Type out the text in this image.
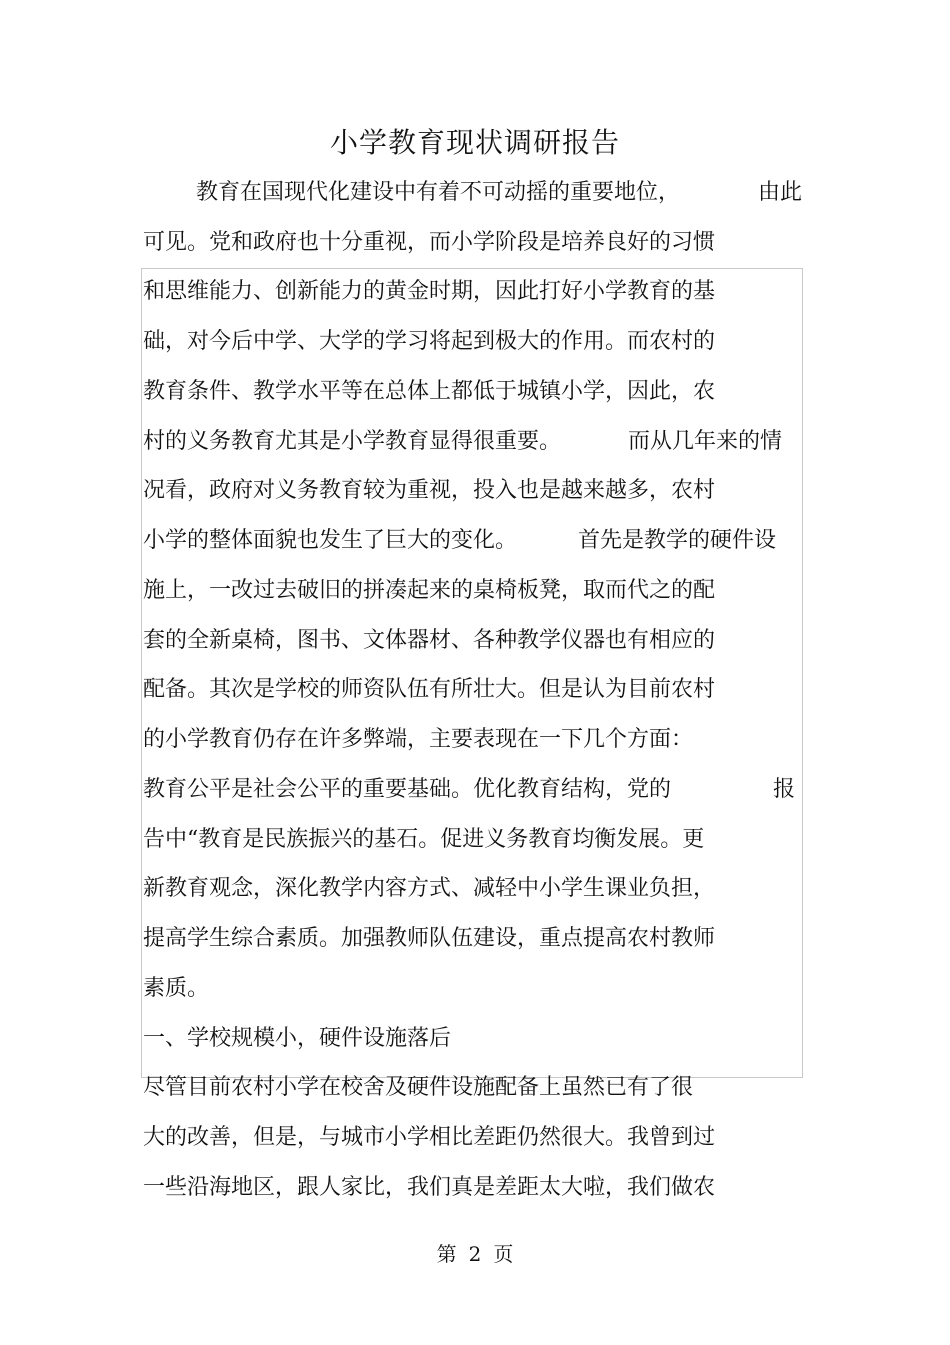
小学教育现状调研报告
教育在国现代化建设中有着不可动摇的重要地位，	由此
可见。党和政府也十分重视，而小学阶段是培养良好的习惯
和思维能力、创新能力的黄金时期，因此打好小学教育的基
础，对今后中学、大学的学习将起到极大的作用。而农村的
教育条件、教学水平等在总体上都低于城镇小学，因此，农
村的义务教育尤其是小学教育显得很重要。	而从几年来的情
况看，政府对义务教育较为重视，投入也是越来越多，农村
小学的整体面貌也发生了巨大的变化。	首先是教学的硬件设
施上，一改过去破旧的拼凑起来的桌椅板凳，取而代之的配
套的全新桌椅，图书、文体器材、各种教学仪器也有相应的
配备。其次是学校的师资队伍有所壮大。但是认为目前农村
的小学教育仍存在许多弊端，主要表现在一下几个方面：
教育公平是社会公平的重要基础。优化教育结构，党的	报
告中“教育是民族振兴的基石。促进义务教育均衡发展。更
新教育观念，深化教学内容方式、减轻中小学生课业负担，
提高学生综合素质。加强教师队伍建设，重点提高农村教师
素质。
一、学校规模小，硬件设施落后
尽管目前农村小学在校舍及硬件设施配备上虽然已有了很
大的改善，但是，与城市小学相比差距仍然很大。我曾到过
一些沿海地区，跟人家比，我们真是差距太大啦，我们做农
第 2 页
